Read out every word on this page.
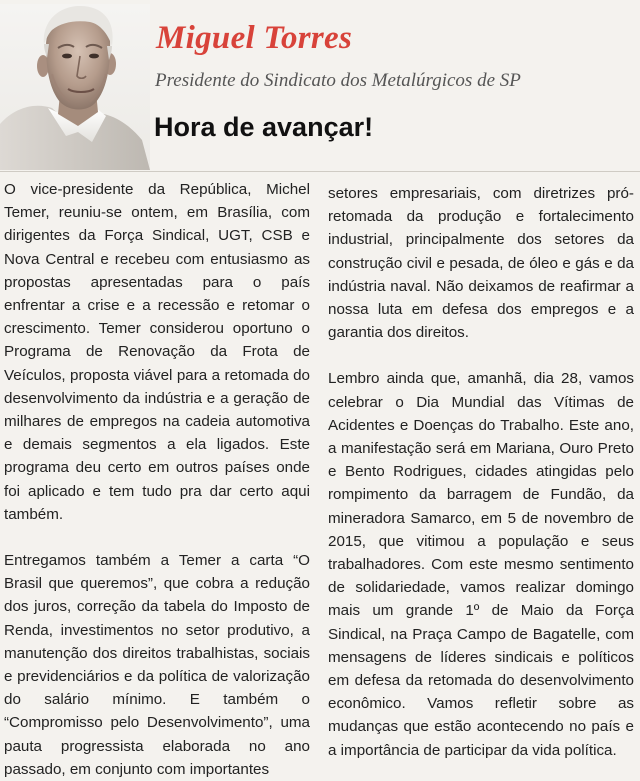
Miguel Torres
Presidente do Sindicato dos Metalúrgicos de SP
Hora de avançar!

O vice-presidente da República, Michel Temer, reuniu-se ontem, em Brasília, com dirigentes da Força Sindical, UGT, CSB e Nova Central e recebeu com entusiasmo as propostas apresentadas para o país enfrentar a crise e a recessão e retomar o crescimento. Temer considerou oportuno o Programa de Renovação da Frota de Veículos, proposta viável para a retomada do desenvolvimento da indústria e a geração de milhares de empregos na cadeia automotiva e demais segmentos a ela ligados. Este programa deu certo em outros países onde foi aplicado e tem tudo pra dar certo aqui também.

Entregamos também a Temer a carta “O Brasil que queremos”, que cobra a redução dos juros, correção da tabela do Imposto de Renda, investimentos no setor produtivo, a manutenção dos direitos trabalhistas, sociais e previdenciários e da política de valorização do salário mínimo. E também o “Compromisso pelo Desenvolvimento”, uma pauta progressista elaborada no ano passado, em conjunto com importantes

setores empresariais, com diretrizes pró-retomada da produção e fortalecimento industrial, principalmente dos setores da construção civil e pesada, de óleo e gás e da indústria naval. Não deixamos de reafirmar a nossa luta em defesa dos empregos e a garantia dos direitos.

Lembro ainda que, amanhã, dia 28, vamos celebrar o Dia Mundial das Vítimas de Acidentes e Doenças do Trabalho. Este ano, a manifestação será em Mariana, Ouro Preto e Bento Rodrigues, cidades atingidas pelo rompimento da barragem de Fundão, da mineradora Samarco, em 5 de novembro de 2015, que vitimou a população e seus trabalhadores. Com este mesmo sentimento de solidariedade, vamos realizar domingo mais um grande 1º de Maio da Força Sindical, na Praça Campo de Bagatelle, com mensagens de líderes sindicais e políticos em defesa da retomada do desenvolvimento econômico. Vamos refletir sobre as mudanças que estão acontecendo no país e a importância de participar da vida política.
